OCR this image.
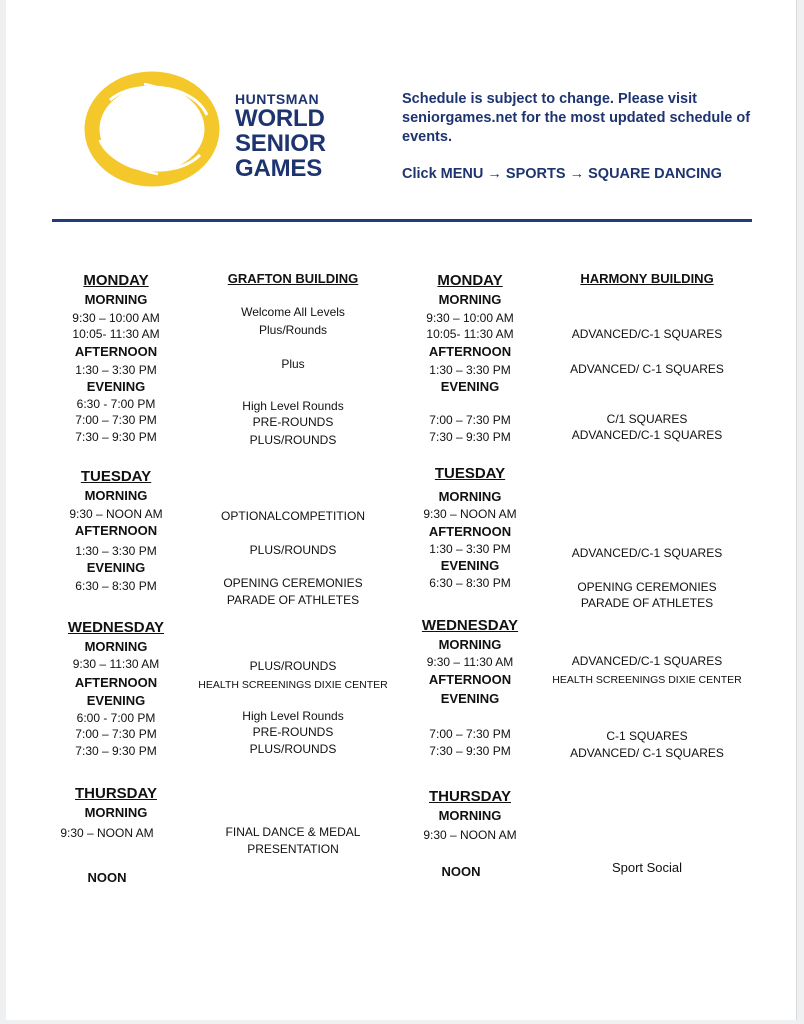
HUNTSMAN
WORLD
SENIOR
GAMES
Schedule is subject to change. Please visit seniorgames.net for the most updated schedule of events.
Click MENU → SPORTS → SQUARE DANCING
MONDAY
MORNING
9:30 – 10:00 AM
10:05- 11:30 AM
AFTERNOON
1:30 – 3:30 PM
EVENING
6:30 - 7:00 PM
7:00 – 7:30 PM
7:30 – 9:30 PM
TUESDAY
MORNING
9:30 – NOON AM
AFTERNOON
1:30 – 3:30 PM
EVENING
6:30 – 8:30 PM
WEDNESDAY
MORNING
9:30 – 11:30 AM
AFTERNOON
EVENING
6:00 - 7:00 PM
7:00 – 7:30 PM
7:30 – 9:30 PM
THURSDAY
MORNING
9:30 – NOON AM
NOON
GRAFTON BUILDING
Welcome All Levels
Plus/Rounds
Plus
High Level Rounds
PRE-ROUNDS
PLUS/ROUNDS
OPTIONALCOMPETITION
PLUS/ROUNDS
OPENING CEREMONIES
PARADE OF ATHLETES
PLUS/ROUNDS
HEALTH SCREENINGS DIXIE CENTER
High Level Rounds
PRE-ROUNDS
PLUS/ROUNDS
FINAL DANCE & MEDAL
PRESENTATION
MONDAY
MORNING
9:30 – 10:00 AM
10:05- 11:30 AM
AFTERNOON
1:30 – 3:30 PM
EVENING
7:00 – 7:30 PM
7:30 – 9:30 PM
TUESDAY
MORNING
9:30 – NOON AM
AFTERNOON
1:30 – 3:30 PM
EVENING
6:30 – 8:30 PM
WEDNESDAY
MORNING
9:30 – 11:30 AM
AFTERNOON
EVENING
7:00 – 7:30 PM
7:30 – 9:30 PM
THURSDAY
MORNING
9:30 – NOON AM
NOON
HARMONY BUILDING
ADVANCED/C-1 SQUARES
ADVANCED/ C-1 SQUARES
C/1 SQUARES
ADVANCED/C-1 SQUARES
ADVANCED/C-1 SQUARES
OPENING CEREMONIES
PARADE OF ATHLETES
ADVANCED/C-1 SQUARES
HEALTH SCREENINGS DIXIE CENTER
C-1 SQUARES
ADVANCED/ C-1 SQUARES
Sport Social
